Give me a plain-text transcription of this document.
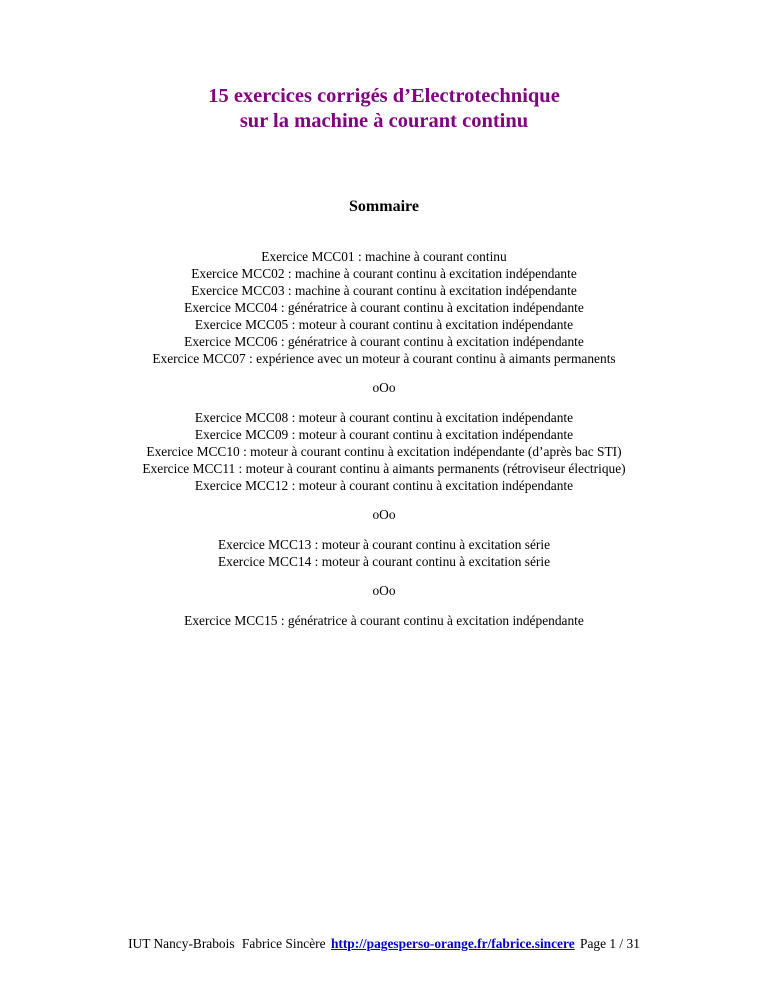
15 exercices corrigés d’Electrotechnique
sur la machine à courant continu
Sommaire
Exercice MCC01 : machine à courant continu
Exercice MCC02 : machine à courant continu à excitation indépendante
Exercice MCC03 : machine à courant continu à excitation indépendante
Exercice MCC04 : génératrice à courant continu à excitation indépendante
Exercice MCC05 : moteur à courant continu à excitation indépendante
Exercice MCC06 : génératrice à courant continu à excitation indépendante
Exercice MCC07 : expérience avec un moteur à courant continu à aimants permanents
oOo
Exercice MCC08 : moteur à courant continu à excitation indépendante
Exercice MCC09 : moteur à courant continu à excitation indépendante
Exercice MCC10 : moteur à courant continu à excitation indépendante (d’après bac STI)
Exercice MCC11 : moteur à courant continu à aimants permanents (rétroviseur électrique)
Exercice MCC12 : moteur à courant continu à excitation indépendante
oOo
Exercice MCC13 : moteur à courant continu à excitation série
Exercice MCC14 : moteur à courant continu à excitation série
oOo
Exercice MCC15 : génératrice à courant continu à excitation indépendante
IUT Nancy-Brabois Fabrice Sincère http://pagesperso-orange.fr/fabrice.sincere Page 1 / 31
